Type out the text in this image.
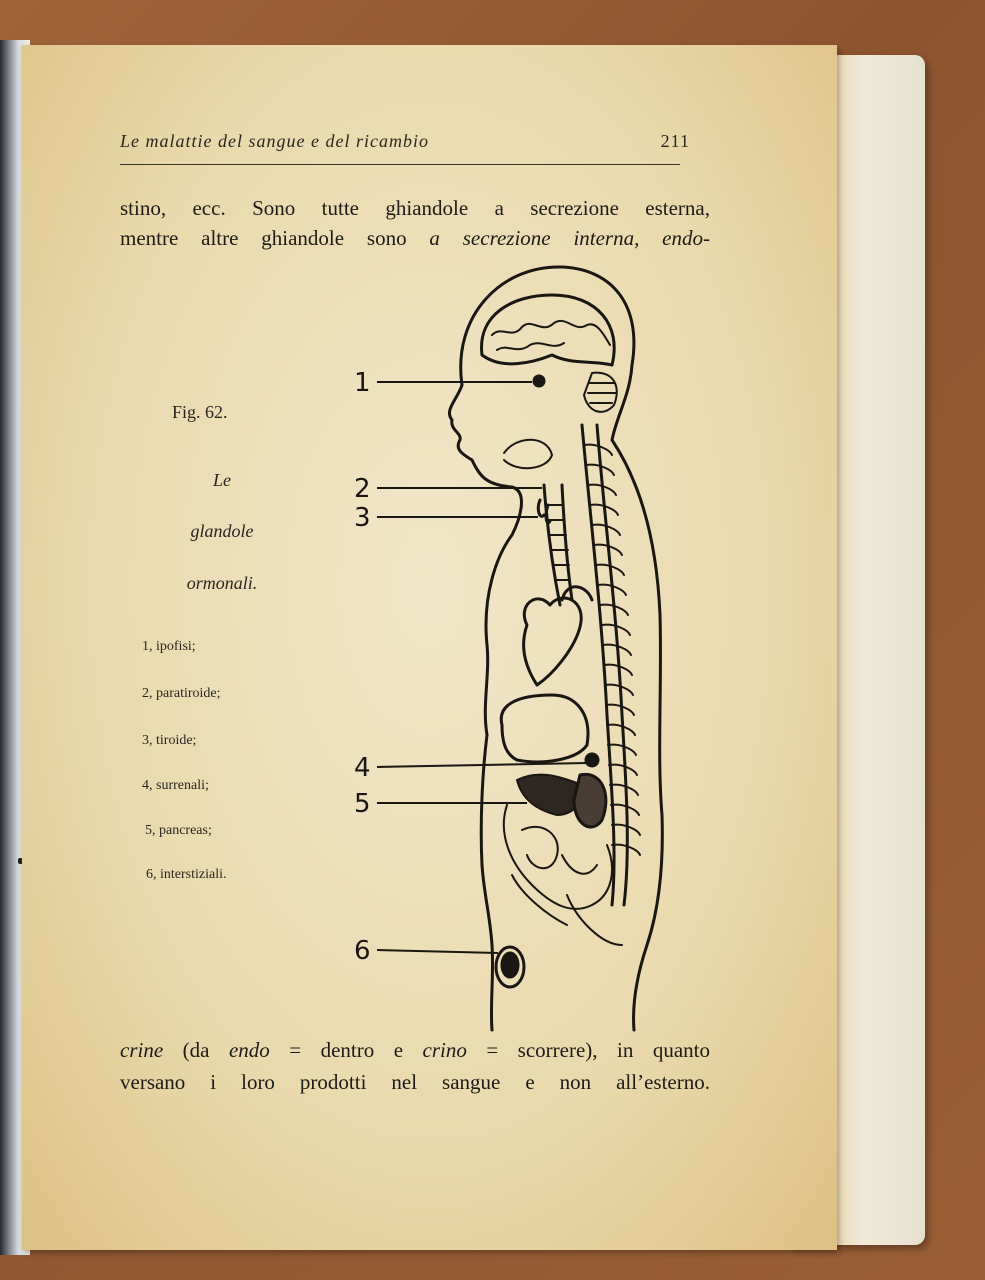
Le malattie del sangue e del ricambio	211
stino, ecc. Sono tutte ghiandole a secrezione esterna,
mentre altre ghiandole sono a secrezione interna, endo-
Fig. 62.
Le
glandole
ormonali.
1, ipofisi;
2, paratiroide;
3, tiroide;
4, surrenali;
5, pancreas;
6, interstiziali.
1
2
3
4
5
6
crine (da endo = dentro e crino = scorrere), in quanto
versano i loro prodotti nel sangue e non all’esterno.
